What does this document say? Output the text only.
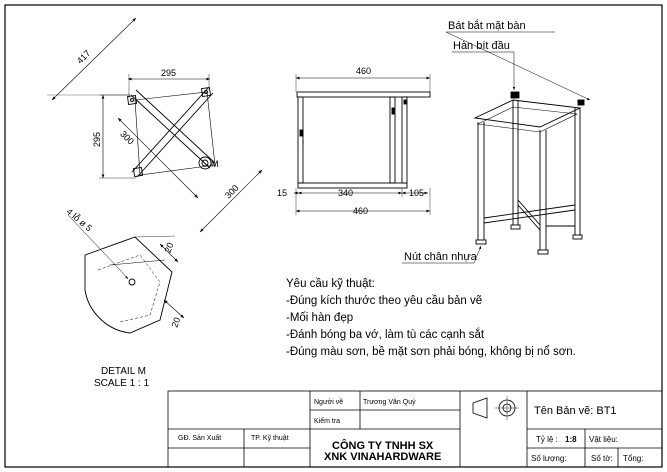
417
295
295 300
300
M
460
15	340	105
460
Bát bắt mặt bàn
Hàn bít đầu
Nút chân nhựa
4 lỗ ø 5
20
20
DETAIL M
SCALE 1 : 1
Yêu cầu kỹ thuật:
-Đúng kích thước theo yêu cầu bản vẽ
-Mối hàn đẹp
-Đánh bóng ba vớ, làm tù các cạnh sắt
-Đúng màu sơn, bề mặt sơn phải bóng, không bị nổ sơn.
Người vẽ	Trương Văn Quý
Kiểm tra
GĐ. Sản Xuất	TP. Kỹ thuật
CÔNG TY TNHH SX
XNK VINAHARDWARE
Tên Bản vẽ: BT1
Tỷ lệ : 1:8 Vật liệu:
Số lượng:	Số tờ: Tổng:
